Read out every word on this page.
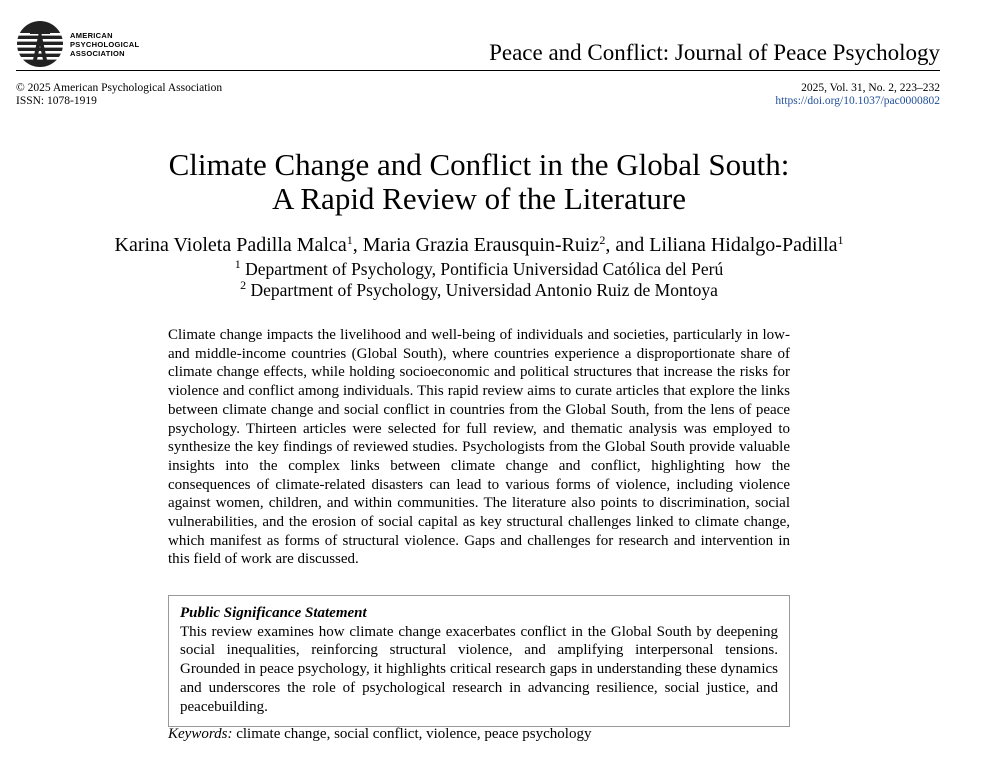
AMERICAN
PSYCHOLOGICAL
ASSOCIATION	Peace and Conflict: Journal of Peace Psychology
© 2025 American Psychological Association
ISSN: 1078-1919
2025, Vol. 31, No. 2, 223–232
https://doi.org/10.1037/pac0000802
Climate Change and Conflict in the Global South:
A Rapid Review of the Literature
Karina Violeta Padilla Malca$^1$, Maria Grazia Erausquin-Ruiz$^2$, and Liliana Hidalgo-Padilla$^1$
$^1$ Department of Psychology, Pontificia Universidad Católica del Perú
$^2$ Department of Psychology, Universidad Antonio Ruiz de Montoya
Climate change impacts the livelihood and well-being of individuals and societies, particularly in low- and middle-income countries (Global South), where countries experience a disproportionate share of climate change effects, while holding socioeconomic and political structures that increase the risks for violence and conflict among individuals. This rapid review aims to curate articles that explore the links between climate change and social conflict in countries from the Global South, from the lens of peace psychology. Thirteen articles were selected for full review, and thematic analysis was employed to synthesize the key findings of reviewed studies. Psychologists from the Global South provide valuable insights into the complex links between climate change and conflict, highlighting how the consequences of climate-related disasters can lead to various forms of violence, including violence against women, children, and within communities. The literature also points to discrimination, social vulnerabilities, and the erosion of social capital as key structural challenges linked to climate change, which manifest as forms of structural violence. Gaps and challenges for research and intervention in this field of work are discussed.
Public Significance Statement
This review examines how climate change exacerbates conflict in the Global South by deepening social inequalities, reinforcing structural violence, and amplifying interpersonal tensions. Grounded in peace psychology, it highlights critical research gaps in understanding these dynamics and underscores the role of psychological research in advancing resilience, social justice, and peacebuilding.
Keywords: climate change, social conflict, violence, peace psychology
